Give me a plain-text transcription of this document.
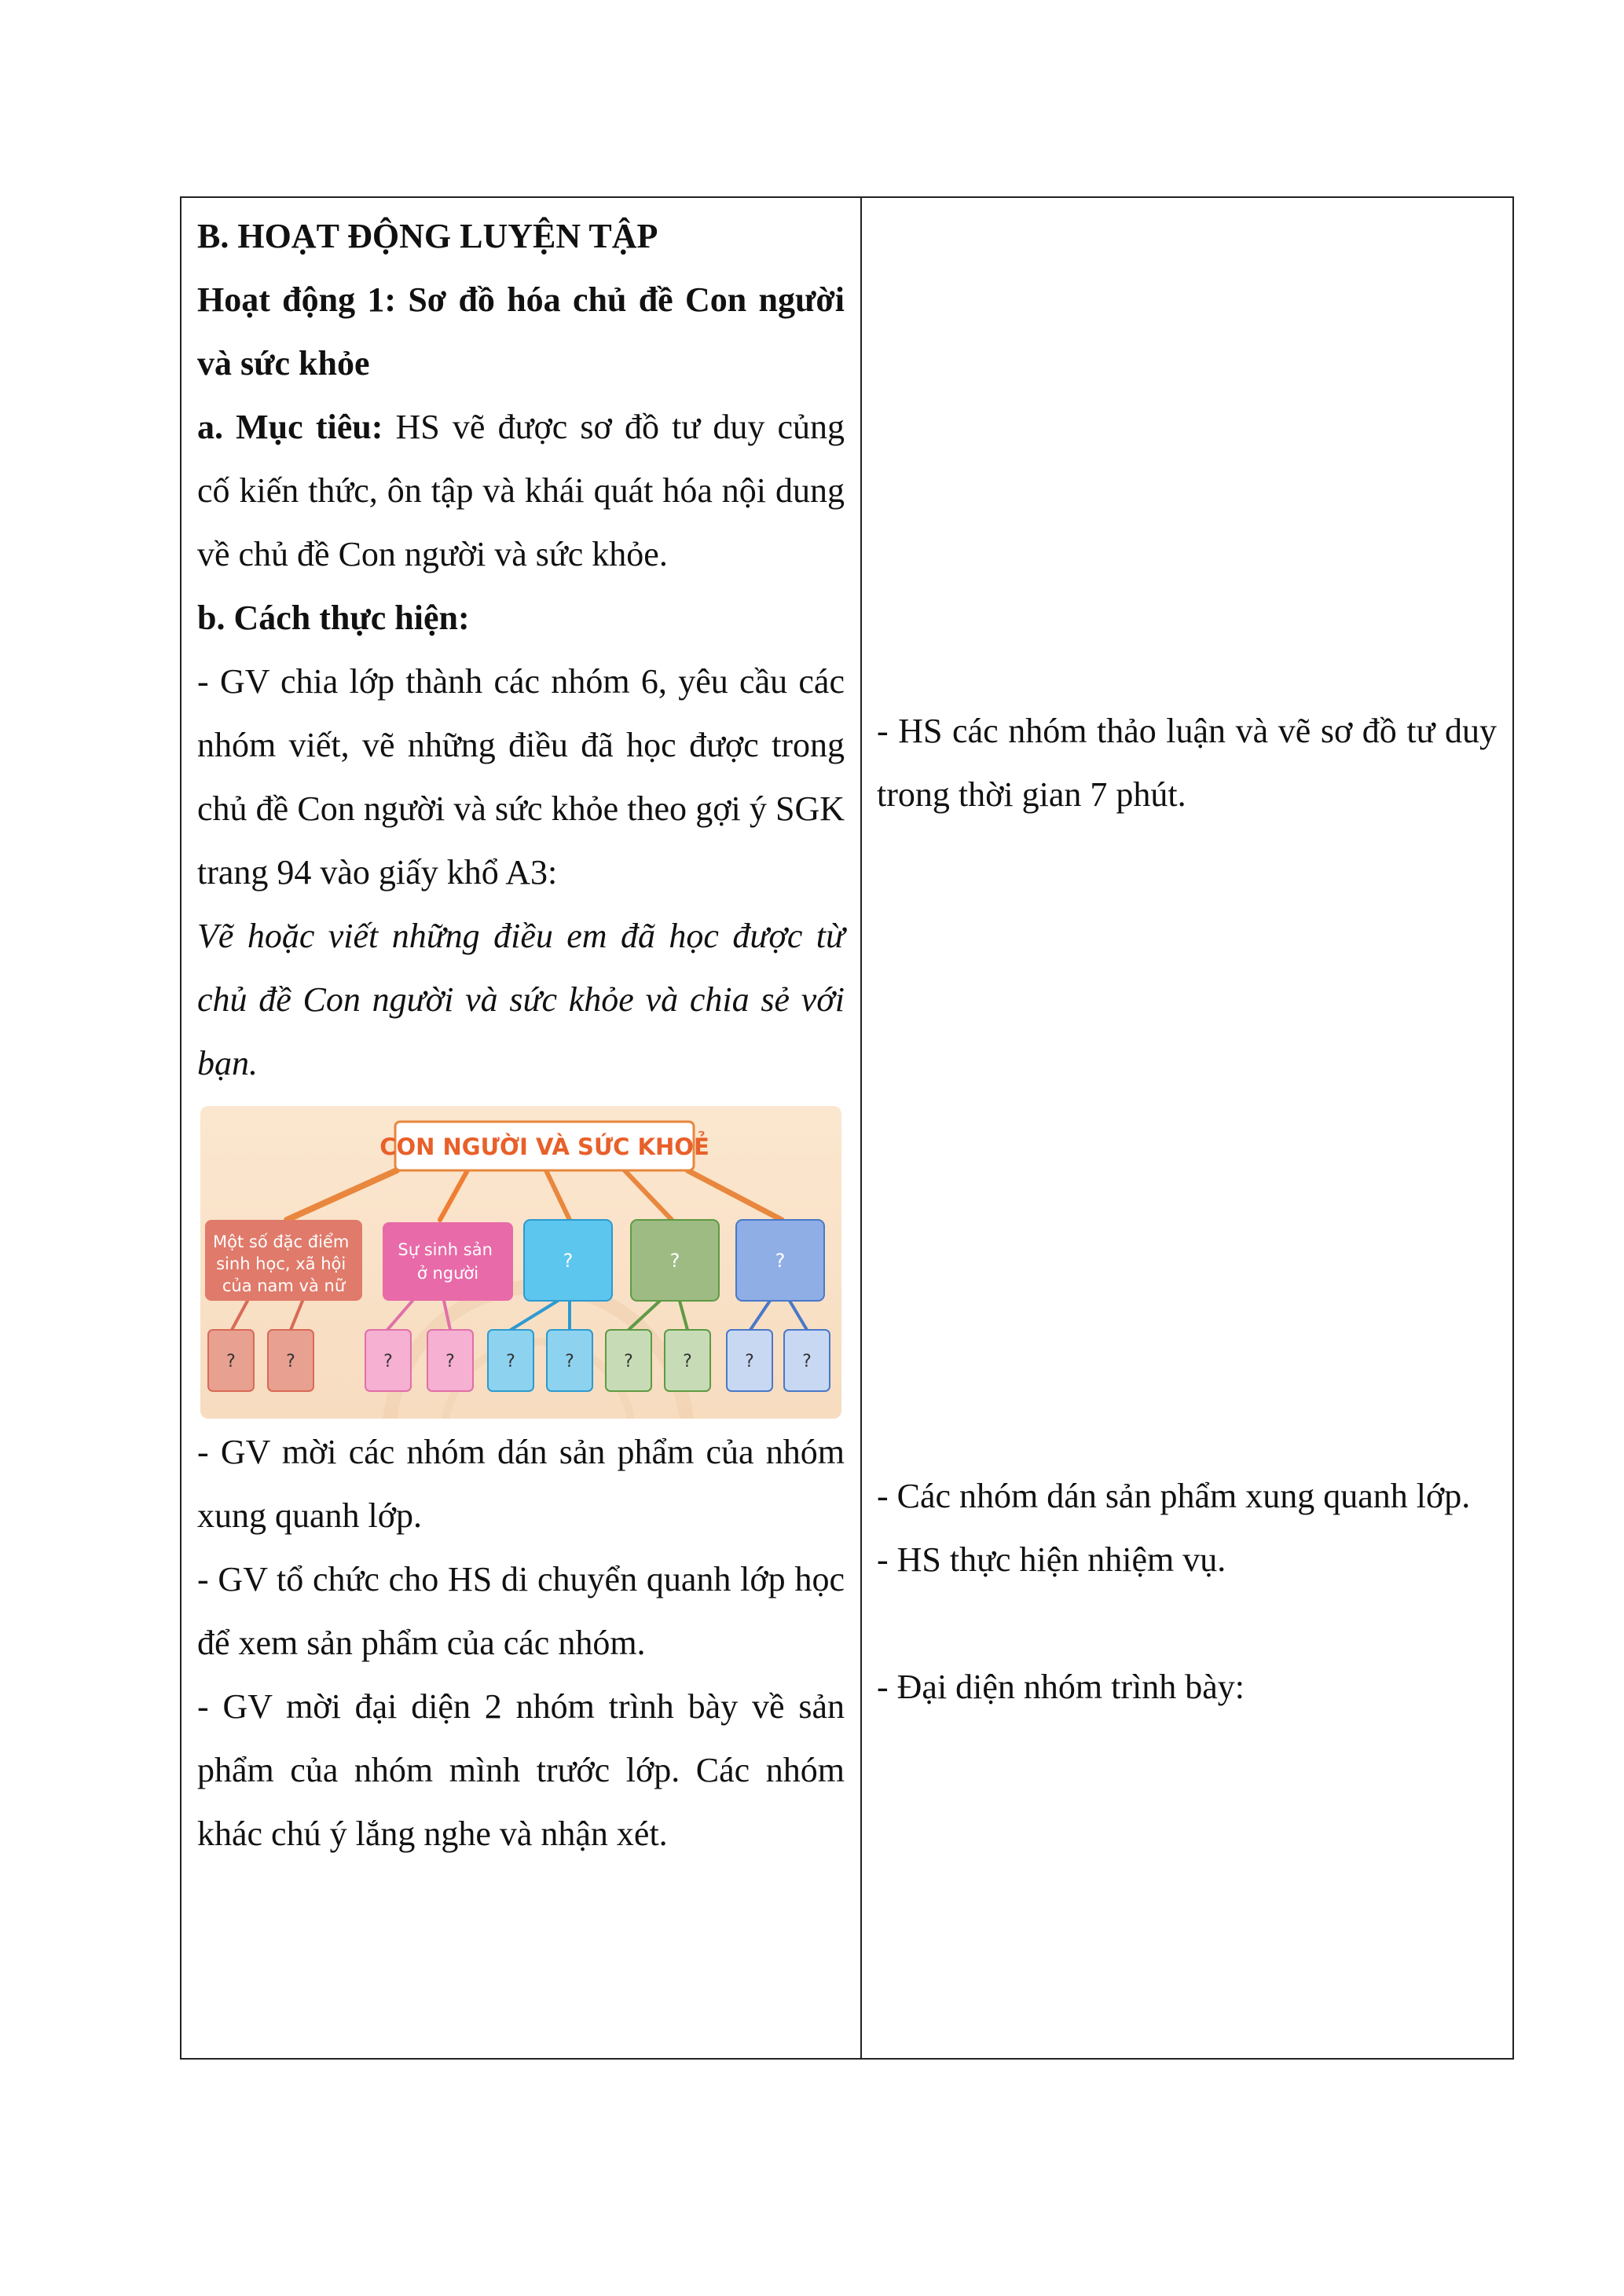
B. HOẠT ĐỘNG LUYỆN TẬP

Hoạt động 1: Sơ đồ hóa chủ đề Con người và sức khỏe

a. Mục tiêu: HS vẽ được sơ đồ tư duy củng cố kiến thức, ôn tập và khái quát hóa nội dung về chủ đề Con người và sức khỏe.

b. Cách thực hiện:

- GV chia lớp thành các nhóm 6, yêu cầu các nhóm viết, vẽ những điều đã học được trong chủ đề Con người và sức khỏe theo gợi ý SGK trang 94 vào giấy khổ A3:

Vẽ hoặc viết những điều em đã học được từ chủ đề Con người và sức khỏe và chia sẻ với bạn.

CON NGƯỜI VÀ SỨC KHOẺ
Một số đặc điểm sinh học, xã hội của nam và nữ
Sự sinh sản ở người
?	?	?
?	?	?	?	?	?	?	?	?	?

- GV mời các nhóm dán sản phẩm của nhóm xung quanh lớp.

- GV tổ chức cho HS di chuyển quanh lớp học để xem sản phẩm của các nhóm.

- GV mời đại diện 2 nhóm trình bày về sản phẩm của nhóm mình trước lớp. Các nhóm khác chú ý lắng nghe và nhận xét.

- HS các nhóm thảo luận và vẽ sơ đồ tư duy trong thời gian 7 phút.

- Các nhóm dán sản phẩm xung quanh lớp.

- HS thực hiện nhiệm vụ.

- Đại diện nhóm trình bày:
